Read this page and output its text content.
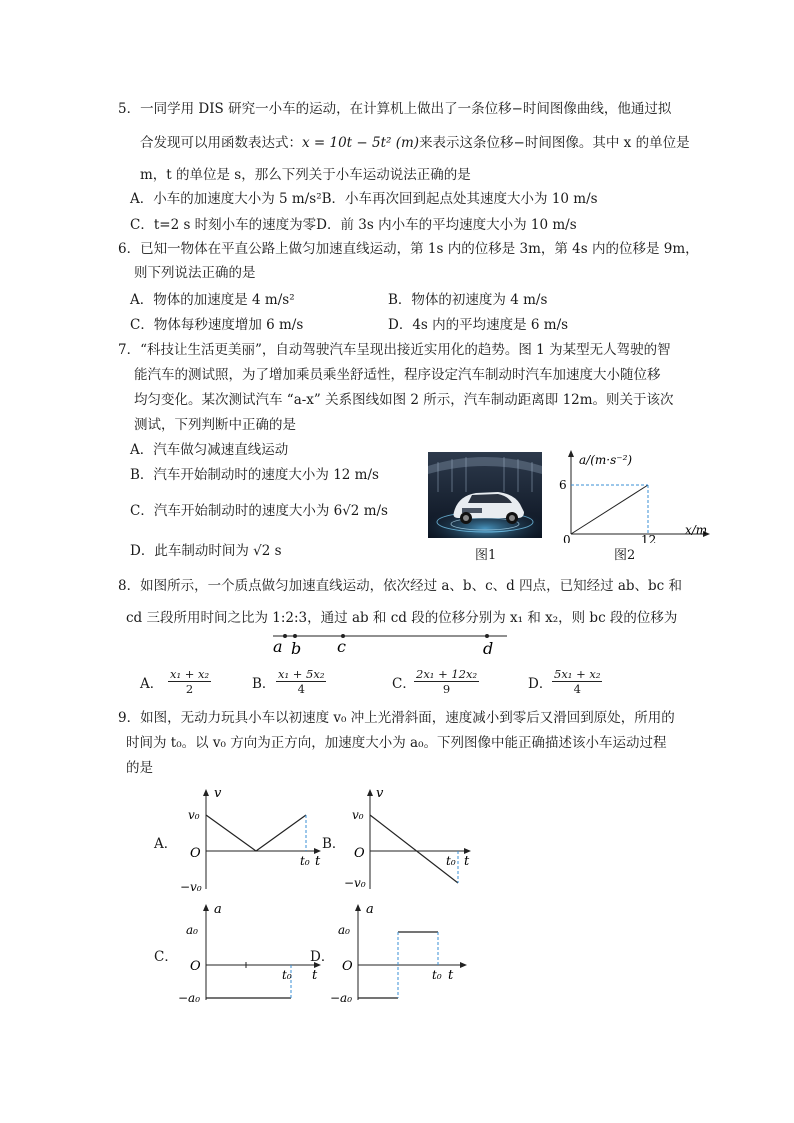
5．一同学用 DIS 研究一小车的运动，在计算机上做出了一条位移−时间图像曲线，他通过拟
合发现可以用函数表达式：x = 10t − 5t² (m)来表示这条位移−时间图像。其中 x 的单位是
m，t 的单位是 s，那么下列关于小车运动说法正确的是
A．小车的加速度大小为 5 m/s²B．小车再次回到起点处其速度大小为 10 m/s
C．t=2 s 时刻小车的速度为零D．前 3s 内小车的平均速度大小为 10 m/s
6．已知一物体在平直公路上做匀加速直线运动，第 1s 内的位移是 3m，第 4s 内的位移是 9m，
则下列说法正确的是
A．物体的加速度是 4 m/s²	B．物体的初速度为 4 m/s
C．物体每秒速度增加 6 m/s	D．4s 内的平均速度是 6 m/s
7．“科技让生活更美丽”，自动驾驶汽车呈现出接近实用化的趋势。图 1 为某型无人驾驶的智
能汽车的测试照，为了增加乘员乘坐舒适性，程序设定汽车制动时汽车加速度大小随位移
均匀变化。某次测试汽车 “a-x” 关系图线如图 2 所示，汽车制动距离即 12m。则关于该次
测试，下列判断中正确的是
A．汽车做匀减速直线运动
B．汽车开始制动时的速度大小为 12 m/s
C．汽车开始制动时的速度大小为 6√2 m/s
D．此车制动时间为 √2 s	图1
a/(m·s⁻²)
x/m
6
12
0
图2
8．如图所示，一个质点做匀加速直线运动，依次经过 a、b、c、d 四点，已知经过 ab、bc 和
cd 三段所用时间之比为 1:2:3，通过 ab 和 cd 段的位移分别为 x₁ 和 x₂，则 bc 段的位移为
a b c	d
A． $\frac{\text{x₁ + x₂}}{2}$	B． $\frac{\text{x₁ + 5x₂}}{4}$	C．
$\frac{\text{2x₁ + 12x₂}}{9}$	D． $\frac{\text{5x₁ + x₂}}{4}$
9．如图，无动力玩具小车以初速度 v₀ 冲上光滑斜面，速度减小到零后又滑回到原处，所用的
时间为 t₀。以 v₀ 方向为正方向，加速度大小为 a₀。下列图像中能正确描述该小车运动过程
的是
A．
v
v₀
O
−v₀
t₀ t
B．
v
v₀
O
−v₀
t₀ t
C．
a
a₀
O
−a₀
t₀ t
D．
a
a₀
O
−a₀
t₀ t
